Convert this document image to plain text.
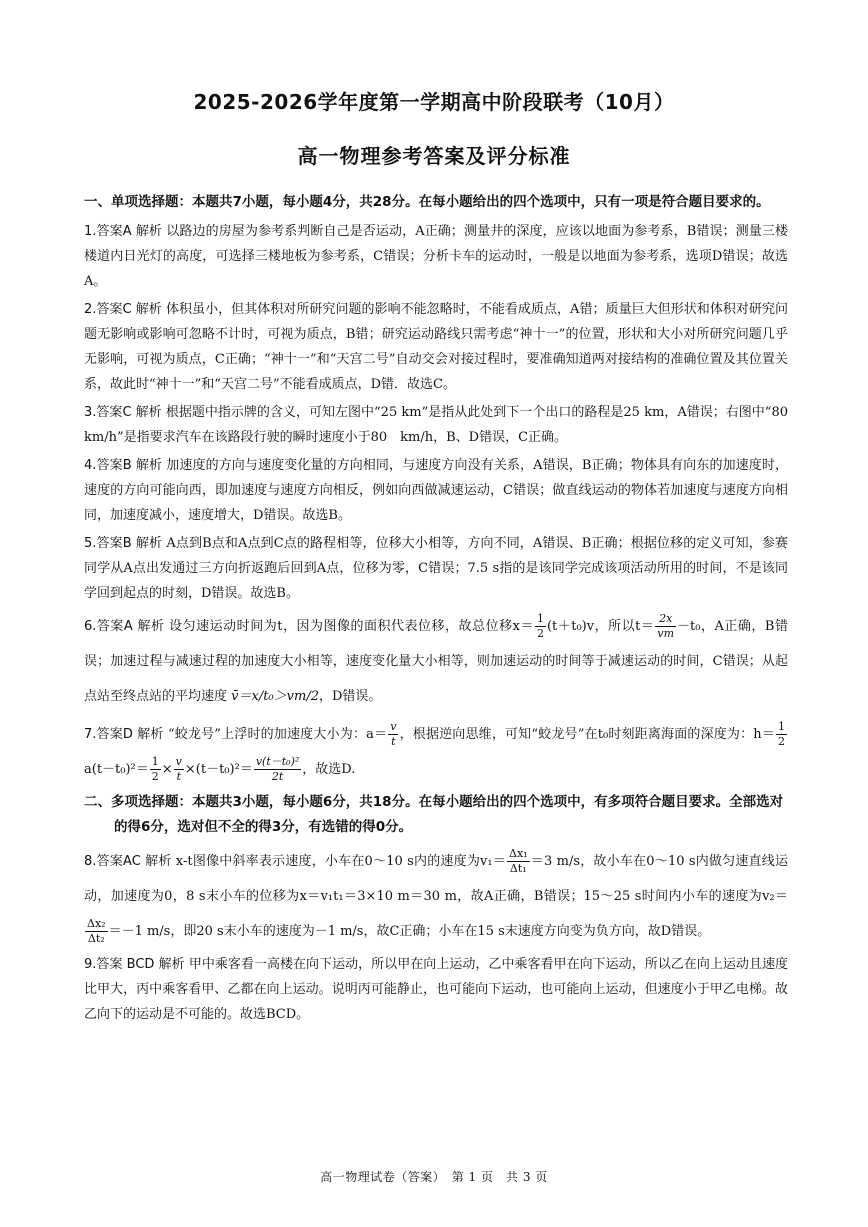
2025-2026学年度第一学期高中阶段联考（10月）
高一物理参考答案及评分标准
一、单项选择题：本题共7小题，每小题4分，共28分。在每小题给出的四个选项中，只有一项是符合题目要求的。

1.答案A 解析 以路边的房屋为参考系判断自己是否运动，A正确；测量井的深度，应该以地面为参考系，B错误；测量三楼楼道内日光灯的高度，可选择三楼地板为参考系，C错误；分析卡车的运动时，一般是以地面为参考系，选项D错误；故选A。

2.答案C 解析 体积虽小，但其体积对所研究问题的影响不能忽略时，不能看成质点，A错；质量巨大但形状和体积对研究问题无影响或影响可忽略不计时，可视为质点，B错；研究运动路线只需考虑“神十一”的位置，形状和大小对所研究问题几乎无影响，可视为质点，C正确；“神十一”和“天宫二号”自动交会对接过程时，要准确知道两对接结构的准确位置及其位置关系，故此时“神十一”和“天宫二号”不能看成质点，D错．故选C。

3.答案C 解析 根据题中指示牌的含义，可知左图中“25 km”是指从此处到下一个出口的路程是25 km，A错误；右图中“80　km/h”是指要求汽车在该路段行驶的瞬时速度小于80　km/h，B、D错误，C正确。

4.答案B 解析 加速度的方向与速度变化量的方向相同，与速度方向没有关系，A错误，B正确；物体具有向东的加速度时，速度的方向可能向西，即加速度与速度方向相反，例如向西做减速运动，C错误；做直线运动的物体若加速度与速度方向相同，加速度减小，速度增大，D错误。故选B。

5.答案B 解析 A点到B点和A点到C点的路程相等，位移大小相等，方向不同，A错误、B正确；根据位移的定义可知，参赛同学从A点出发通过三方向折返跑后回到A点，位移为零，C错误；7.5 s指的是该同学完成该项活动所用的时间，不是该同学回到起点的时刻，D错误。故选B。

6.答案A 解析 设匀速运动时间为t，因为图像的面积代表位移，故总位移$x= \frac{1}{2} (t+t_0)v$，所以$t= \frac{2x}{vm} -t_0$，A正确，B错误；加速过程与减速过程的加速度大小相等，速度变化量大小相等，则加速运动的时间等于减速运动的时间，C错误；从起点站至终点站的平均速度 v̄＝x/t₀＞vm/2，D错误。

7.答案D 解析 “蛟龙号”上浮时的加速度大小为：$a= \frac{v}{t}$ ，根据逆向思维，可知“蛟龙号”在t₀时刻距离海面的深度为：$h= \frac{1}{2}$
$a(t-t_0)^2= \frac{1}{2} \times \frac{v}{t} \times(t-t_0)^2= \frac{\text{v(t－t₀)²}}{2t}$ ，故选D.

二、多项选择题：本题共3小题，每小题6分，共18分。在每小题给出的四个选项中，有多项符合题目要求。全部选对的得6分，选对但不全的得3分，有选错的得0分。

8.答案AC 解析 x-t图像中斜率表示速度，小车在0～10 s内的速度为$v_1= \frac{\text{Δx₁}}{\text{Δt₁}} =3$ m/s，故小车在0～10 s内做匀速直线运动，加速度为0，8 s末小车的位移为x＝v₁t₁＝3×10 m＝30 m，故A正确，B错误；15～25 s时间内小车的速度为v₂＝
$\frac{\text{Δx₂}}{\text{Δt₂}} =-1$ m/s，即20 s末小车的速度为－1 m/s，故C正确；小车在15 s末速度方向变为负方向，故D错误。

9.答案 BCD 解析 甲中乘客看一高楼在向下运动，所以甲在向上运动，乙中乘客看甲在向下运动，所以乙在向上运动且速度比甲大，丙中乘客看甲、乙都在向上运动。说明丙可能静止，也可能向下运动，也可能向上运动，但速度小于甲乙电梯。故乙向下的运动是不可能的。故选BCD。

高一物理试卷（答案）　第 1 页　共 3 页
